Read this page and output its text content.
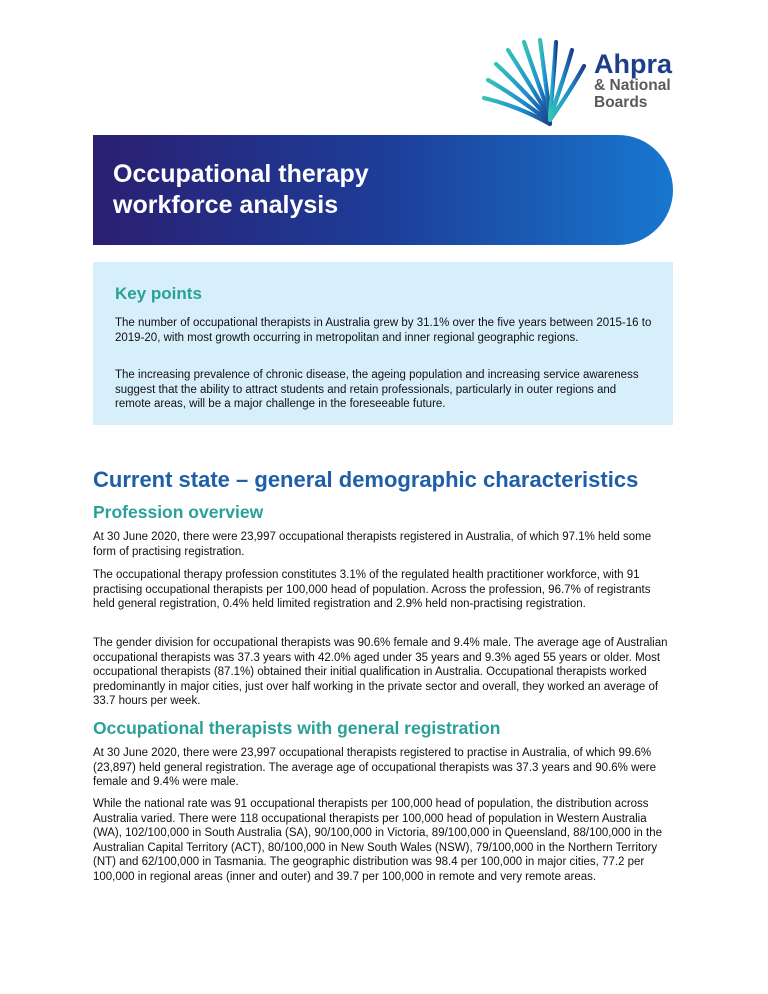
Ahpra
& National
Boards
Occupational therapy workforce analysis
Key points

The number of occupational therapists in Australia grew by 31.1% over the five years between 2015-16 to 2019-20, with most growth occurring in metropolitan and inner regional geographic regions.

The increasing prevalence of chronic disease, the ageing population and increasing service awareness suggest that the ability to attract students and retain professionals, particularly in outer regions and remote areas, will be a major challenge in the foreseeable future.

Current state – general demographic characteristics
Profession overview

At 30 June 2020, there were 23,997 occupational therapists registered in Australia, of which 97.1% held some form of practising registration.

The occupational therapy profession constitutes 3.1% of the regulated health practitioner workforce, with 91 practising occupational therapists per 100,000 head of population. Across the profession, 96.7% of registrants held general registration, 0.4% held limited registration and 2.9% held non-practising registration.

The gender division for occupational therapists was 90.6% female and 9.4% male. The average age of Australian occupational therapists was 37.3 years with 42.0% aged under 35 years and 9.3% aged 55 years or older. Most occupational therapists (87.1%) obtained their initial qualification in Australia. Occupational therapists worked predominantly in major cities, just over half working in the private sector and overall, they worked an average of 33.7 hours per week.

Occupational therapists with general registration

At 30 June 2020, there were 23,997 occupational therapists registered to practise in Australia, of which 99.6% (23,897) held general registration. The average age of occupational therapists was 37.3 years and 90.6% were female and 9.4% were male.

While the national rate was 91 occupational therapists per 100,000 head of population, the distribution across Australia varied. There were 118 occupational therapists per 100,000 head of population in Western Australia (WA), 102/100,000 in South Australia (SA), 90/100,000 in Victoria, 89/100,000 in Queensland, 88/100,000 in the Australian Capital Territory (ACT), 80/100,000 in New South Wales (NSW), 79/100,000 in the Northern Territory (NT) and 62/100,000 in Tasmania. The geographic distribution was 98.4 per 100,000 in major cities, 77.2 per 100,000 in regional areas (inner and outer) and 39.7 per 100,000 in remote and very remote areas.
